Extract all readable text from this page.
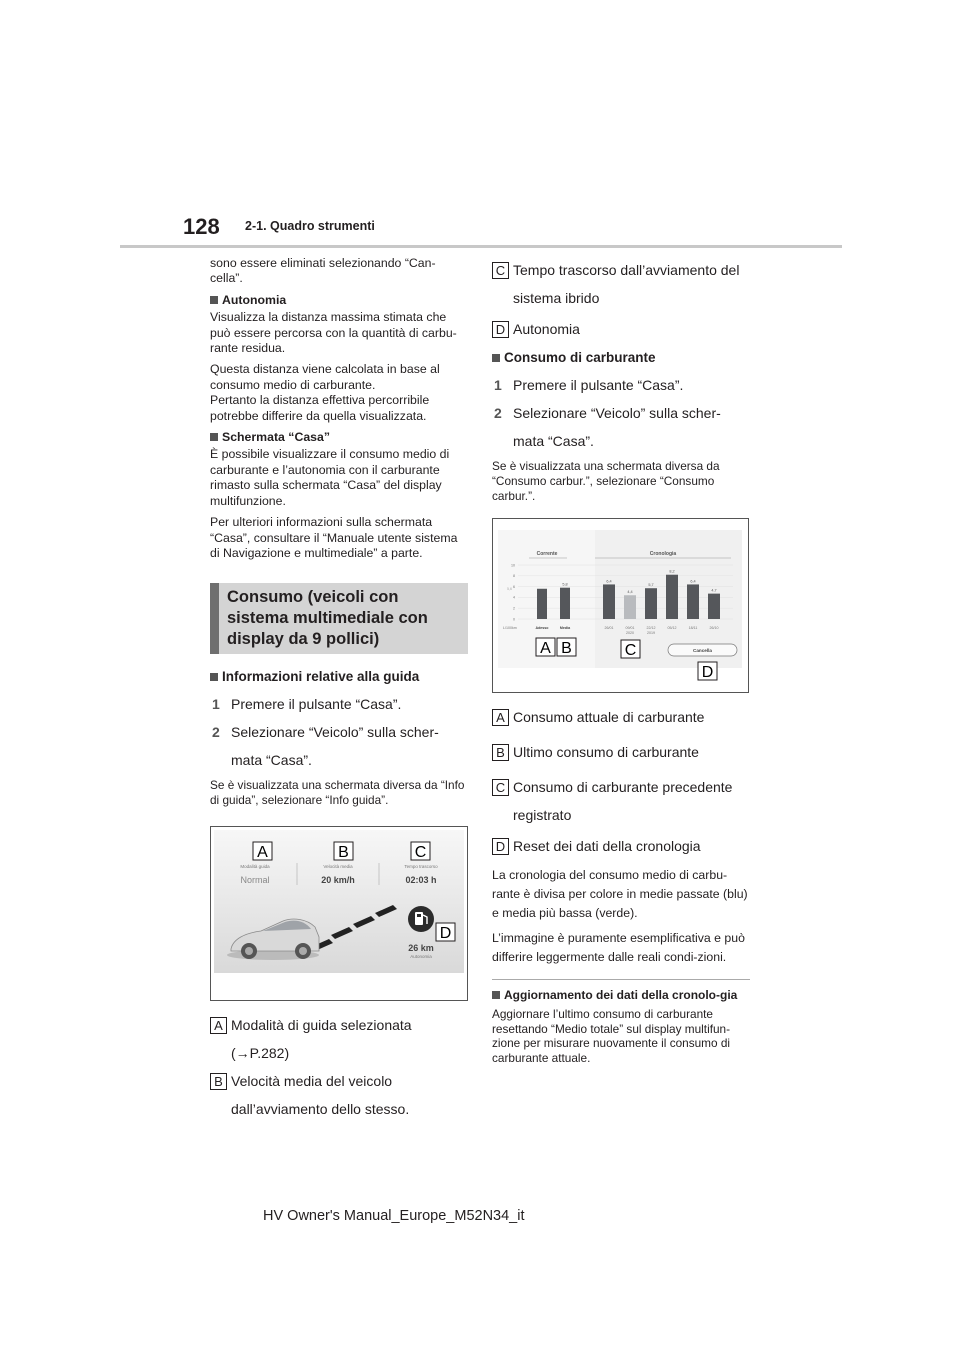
128 2-1. Quadro strumenti
sono essere eliminati selezionando “Can-cella”.
Autonomia
Visualizza la distanza massima stimata che può essere percorsa con la quantità di carbu-rante residua.
Questa distanza viene calcolata in base al consumo medio di carburante.
Pertanto la distanza effettiva percorribile potrebbe differire da quella visualizzata.
Schermata “Casa”
È possibile visualizzare il consumo medio di carburante e l’autonomia con il carburante rimasto sulla schermata “Casa” del display multifunzione.
Per ulteriori informazioni sulla schermata “Casa”, consultare il “Manuale utente sistema di Navigazione e multimediale” a parte.
Consumo (veicoli con sistema multimediale con display da 9 pollici)
Informazioni relative alla guida
1 Premere il pulsante “Casa”.
2 Selezionare “Veicolo” sulla scher-mata “Casa”.
Se è visualizzata una schermata diversa da “Info di guida”, selezionare “Info guida”.
A	B	C
Modalità guida	Velocità media	Tempo trascorso
Normal	20 km/h	02:03 h
D
26 km
Autonomia
A Modalità di guida selezionata (→P.282)
B Velocità media del veicolo dall’avviamento dello stesso.
C Tempo trascorso dall’avviamento del sistema ibrido
D Autonomia
Consumo di carburante
1 Premere il pulsante “Casa”.
2 Selezionare “Veicolo” sulla scher-mata “Casa”.
Se è visualizzata una schermata diversa da “Consumo carbur.”, selezionare “Consumo carbur.”.
Corrente	Cronologia
L/100km	Adesso	Media
A B	C	Cancella
D
0
2
4
6
8
10
5,6
5,8
6,4
26/01
4,4
09/01
2020
5,7
22/12
2019
8,2
05/12
6,4
18/11
4,7
26/10
A Consumo attuale di carburante
B Ultimo consumo di carburante
C Consumo di carburante precedente registrato
D Reset dei dati della cronologia
La cronologia del consumo medio di carbu-rante è divisa per colore in medie passate (blu) e media più bassa (verde).
L’immagine è puramente esemplificativa e può differire leggermente dalle reali condi-zioni.
Aggiornamento dei dati della cronolo-gia
Aggiornare l’ultimo consumo di carburante resettando “Medio totale” sul display multifun-zione per misurare nuovamente il consumo di carburante attuale.
HV Owner's Manual_Europe_M52N34_it
